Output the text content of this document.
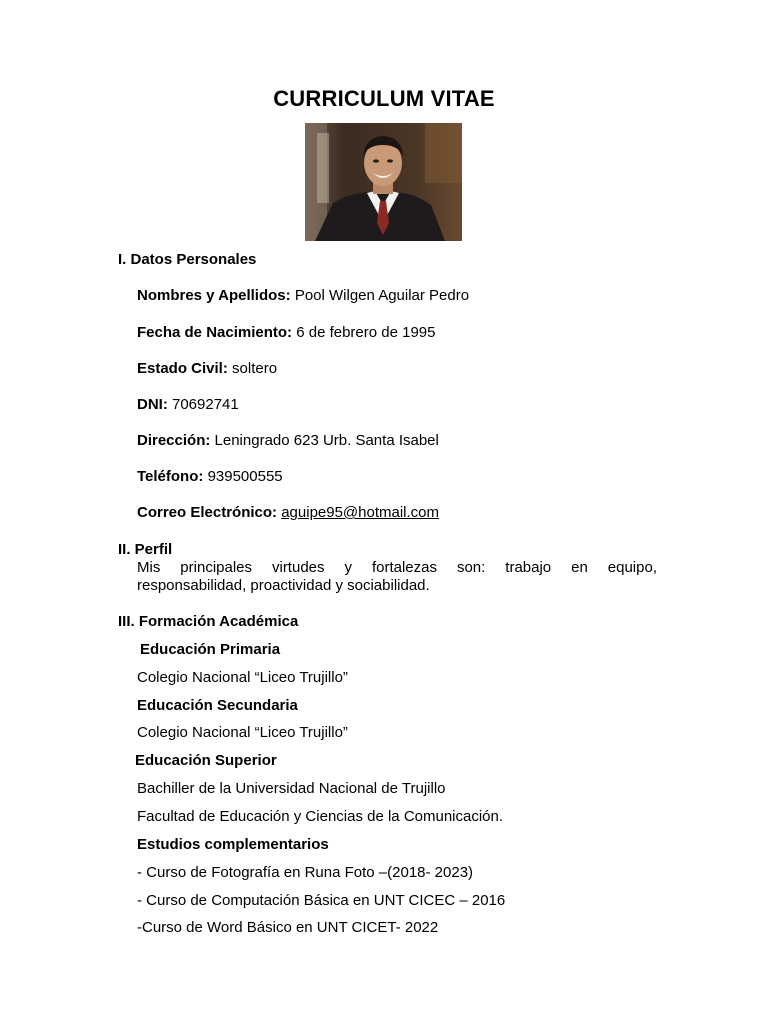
CURRICULUM VITAE
I. Datos Personales
Nombres y Apellidos: Pool Wilgen Aguilar Pedro
Fecha de Nacimiento: 6 de febrero de 1995
Estado Civil: soltero
DNI: 70692741
Dirección: Leningrado 623 Urb. Santa Isabel
Teléfono: 939500555
Correo Electrónico: aguipe95@hotmail.com
II. Perfil
Mis principales virtudes y fortalezas son: trabajo en equipo,
responsabilidad, proactividad y sociabilidad.
III. Formación Académica
Educación Primaria
Colegio Nacional “Liceo Trujillo”
Educación Secundaria
Colegio Nacional “Liceo Trujillo”
Educación Superior
Bachiller de la Universidad Nacional de Trujillo
Facultad de Educación y Ciencias de la Comunicación.
Estudios complementarios
- Curso de Fotografía en Runa Foto –(2018- 2023)
- Curso de Computación Básica en UNT CICEC – 2016
-Curso de Word Básico en UNT CICET- 2022
